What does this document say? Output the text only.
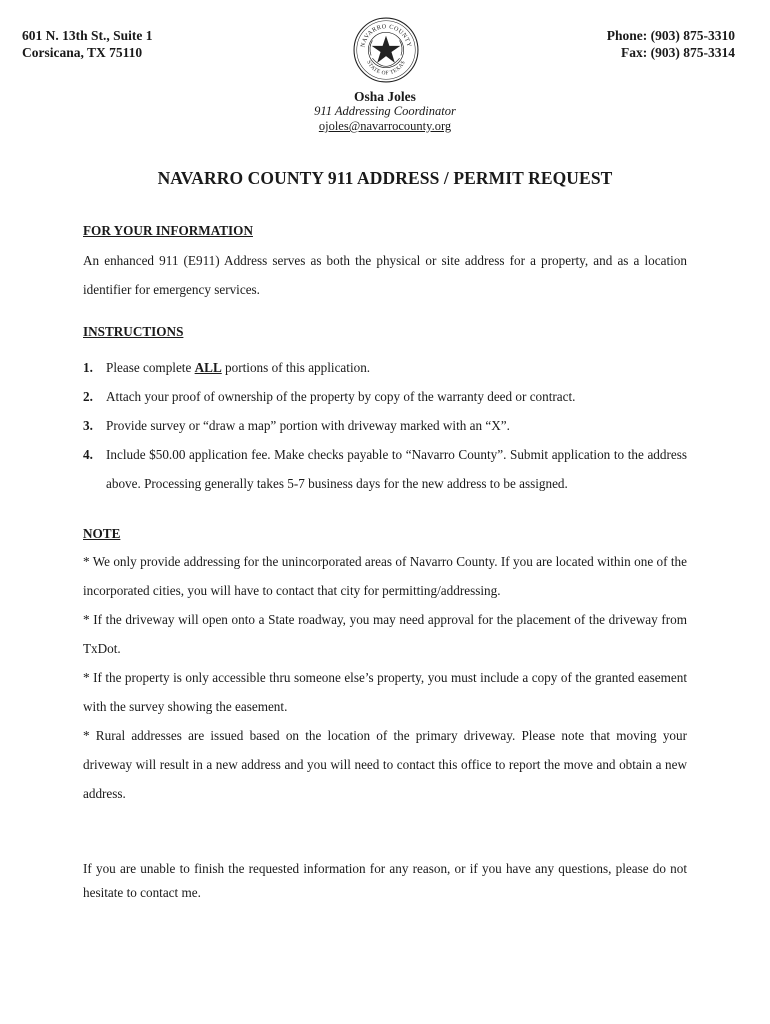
601 N. 13th St., Suite 1
Corsicana, TX 75110
NAVARRO COUNTY
STATE OF TEXAS
Phone: (903) 875-3310
Fax: (903) 875-3314
Osha Joles
911 Addressing Coordinator
ojoles@navarrocounty.org
NAVARRO COUNTY 911 ADDRESS / PERMIT REQUEST
FOR YOUR INFORMATION
An enhanced 911 (E911) Address serves as both the physical or site address for a property, and as a location identifier for emergency services.
INSTRUCTIONS
1. Please complete ALL portions of this application.
2. Attach your proof of ownership of the property by copy of the warranty deed or contract.
3. Provide survey or “draw a map” portion with driveway marked with an “X”.
4. Include $50.00 application fee. Make checks payable to “Navarro County”. Submit application to the address above. Processing generally takes 5-7 business days for the new address to be assigned.
NOTE
* We only provide addressing for the unincorporated areas of Navarro County. If you are located within one of the incorporated cities, you will have to contact that city for permitting/addressing.
* If the driveway will open onto a State roadway, you may need approval for the placement of the driveway from TxDot.
* If the property is only accessible thru someone else’s property, you must include a copy of the granted easement with the survey showing the easement.
* Rural addresses are issued based on the location of the primary driveway. Please note that moving your driveway will result in a new address and you will need to contact this office to report the move and obtain a new address.
If you are unable to finish the requested information for any reason, or if you have any questions, please do not hesitate to contact me.
